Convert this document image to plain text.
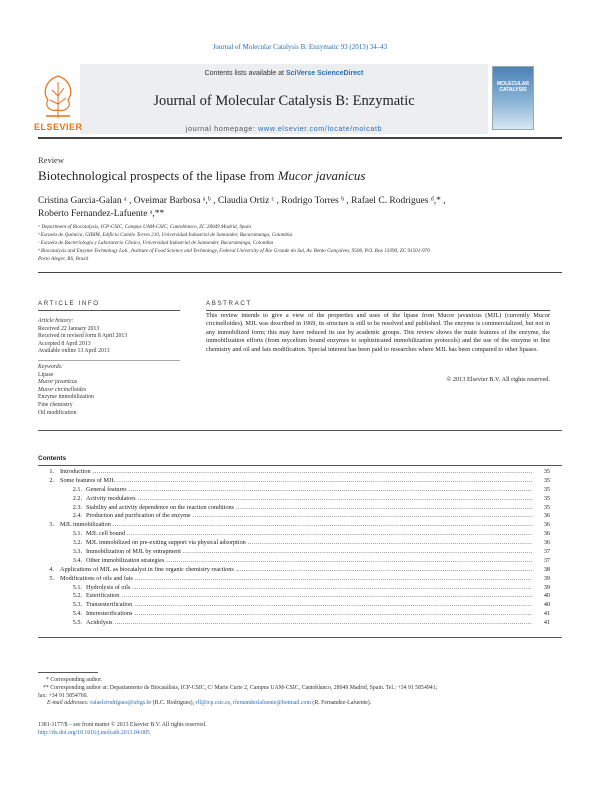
Journal of Molecular Catalysis B: Enzymatic 93 (2013) 34–43
ELSEVIER
Contents lists available at SciVerse ScienceDirect
Journal of Molecular Catalysis B: Enzymatic
journal homepage: www.elsevier.com/locate/molcatb
MOLECULAR CATALYSIS
Review
Biotechnological prospects of the lipase from Mucor javanicus
Cristina Garcia-Galan ᵃ , Oveimar Barbosa ᵃ,ᵇ , Claudia Ortiz ᶜ , Rodrigo Torres ᵇ , Rafael C. Rodrigues ᵈ,* ,
Roberto Fernandez-Lafuente ᵃ,**
ᵃ Department of Biocatalysis, ICP-CSIC, Campus UAM-CSIC, Cantoblanco, ZC 28049 Madrid, Spain
ᵇ Escuela de Química, GIBIM, Edificio Camilo Torres 210, Universidad Industrial de Santander, Bucaramanga, Colombia
ᶜ Escuela de Bacteriología y Laboratorio Clínico, Universidad Industrial de Santander, Bucaramanga, Colombia
ᵈ Biocatalysis and Enzyme Technology Lab., Institute of Food Science and Technology, Federal University of Rio Grande do Sul, Av. Bento Gonçalves, 9500, P.O. Box 15090, ZC 91501-970
Porto Alegre, RS, Brazil
ARTICLE INFO	ABSTRACT
Article history:
Received 22 January 2013
Received in revised form 8 April 2013
Accepted 8 April 2013
Available online 13 April 2013
Keywords:
Lipase
Mucor javanicus
Mucor circinelloides
Enzyme immobilization
Fine chemistry
Oil modification
This review intends to give a view of the properties and uses of the lipase from Mucor javanicus (MJL) (currently Mucor circinelloides). MJL was described in 1969, its structure is still to be resolved and published. The enzyme is commercialized, but not in any immobilized form; this may have reduced its use by academic groups. This review shows the main features of the enzyme, the immobilization efforts (from mycelium bound enzymes to sophisticated immobilization protocols) and the use of the enzyme in fine chemistry and oil and fats modification. Special interest has been paid to researches where MJL has been compared to other lipases.
© 2013 Elsevier B.V. All rights reserved.
Contents
1. Introduction .....	35
2. Some features of MJL .....	35
2.1. General features .....	35
2.2. Activity modulators .....	35
2.3. Stability and activity dependence on the reaction conditions .....	35
2.4. Production and purification of the enzyme .....	36
3. MJL immobilization .....	36
3.1. MJL cell bound .....	36
3.2. MJL immobilized on pre-exiting support via physical adsorption .....	36
3.3. Immobilization of MJL by entrapment .....	37
3.4. Other immobilization strategies .....	37
4. Applications of MJL as biocatalyst in fine organic chemistry reactions .....	38
5. Modifications of oils and fats .....	39
5.1. Hydrolysis of oils .....	39
5.2. Esterification .....	40
5.3. Transesterification .....	40
5.4. Interesterifications .....	41
5.5. Acidolysis .....	41
* Corresponding author.
** Corresponding author at: Departamento de Biocatálisis, ICP-CSIC, C/ Marie Curie 2, Campus UAM-CSIC, Cantoblanco, 28049 Madrid, Spain. Tel.: +34 91 5854941;
fax: +34 91 5854760.
E-mail addresses: rafaelcrodrigues@ufrgs.br (R.C. Rodrigues), rfl@icp.csic.es, rfernandezlafuente@hotmail.com (R. Fernandez-Lafuente).
1381-1177/$ – see front matter © 2013 Elsevier B.V. All rights reserved.
http://dx.doi.org/10.1016/j.molcatb.2013.04.005
